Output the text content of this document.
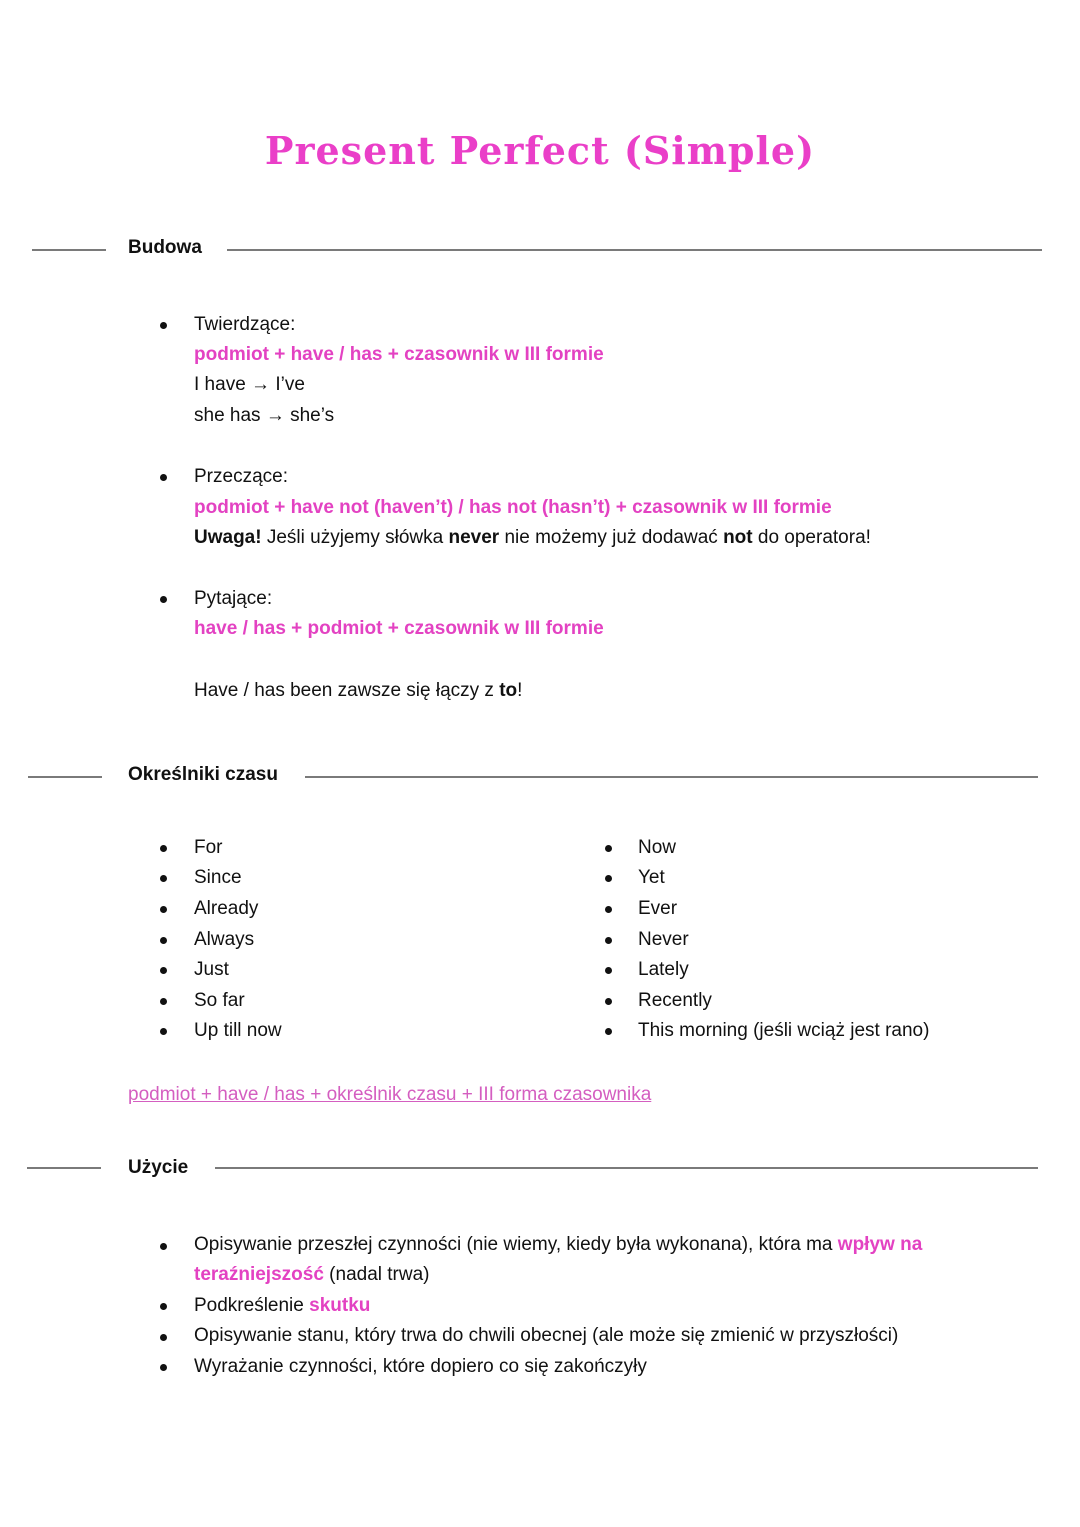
Present Perfect (Simple)
Budowa
Twierdzące:
podmiot + have / has + czasownik w III formie
I have → I’ve
she has → she’s
Przeczące:
podmiot + have not (haven’t) / has not (hasn’t) + czasownik w III formie
Uwaga! Jeśli użyjemy słówka never nie możemy już dodawać not do operatora!
Pytające:
have / has + podmiot + czasownik w III formie
Have / has been zawsze się łączy z to!
Określniki czasu
For
Since
Already
Always
Just
So far
Up till now
Now
Yet
Ever
Never
Lately
Recently
This morning (jeśli wciąż jest rano)
podmiot + have / has + określnik czasu + III forma czasownika
Użycie
Opisywanie przeszłej czynności (nie wiemy, kiedy była wykonana), która ma wpływ na
teraźniejszość (nadal trwa)
Podkreślenie skutku
Opisywanie stanu, który trwa do chwili obecnej (ale może się zmienić w przyszłości)
Wyrażanie czynności, które dopiero co się zakończyły
